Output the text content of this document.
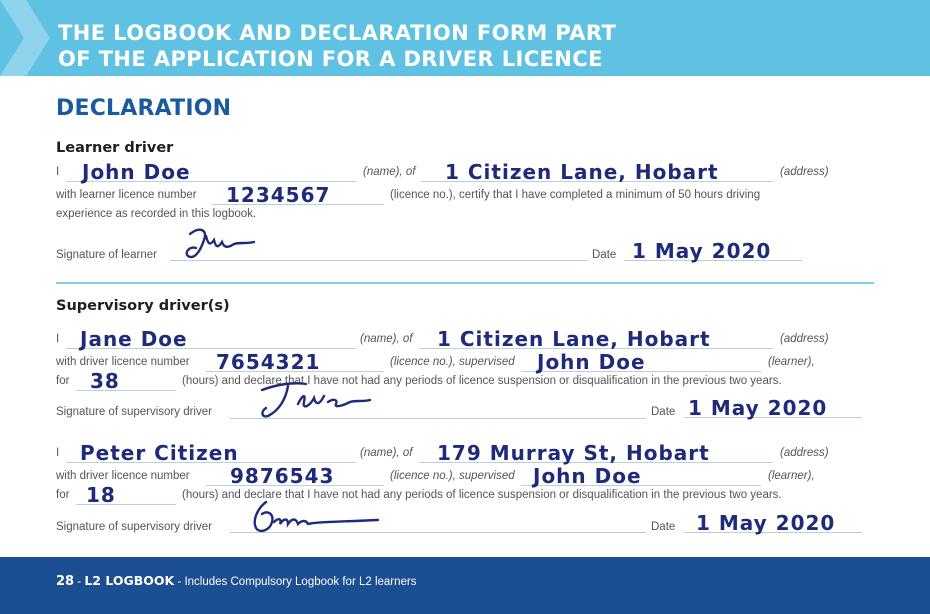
THE LOGBOOK AND DECLARATION FORM PART
OF THE APPLICATION FOR A DRIVER LICENCE
DECLARATION
Learner driver
I John Doe	(name), of 1 Citizen Lane, Hobart	(address)
with learner licence number 1234567	(licence no.), certify that I have completed a minimum of 50 hours driving
experience as recorded in this logbook.
Signature of learner	Date 1 May 2020
Supervisory driver(s)
I Jane Doe	(name), of 1 Citizen Lane, Hobart	(address)
with driver licence number 7654321	(licence no.), supervised John Doe	(learner),
for 38	(hours) and declare that I have not had any periods of licence suspension or disqualification in the previous two years.
Signature of supervisory driver	Date 1 May 2020
I Peter Citizen	(name), of 179 Murray St, Hobart	(address)
with driver licence number 9876543	(licence no.), supervised John Doe	(learner),
for 18	(hours) and declare that I have not had any periods of licence suspension or disqualification in the previous two years.
Signature of supervisory driver	Date 1 May 2020
28 - L2 LOGBOOK - Includes Compulsory Logbook for L2 learners
